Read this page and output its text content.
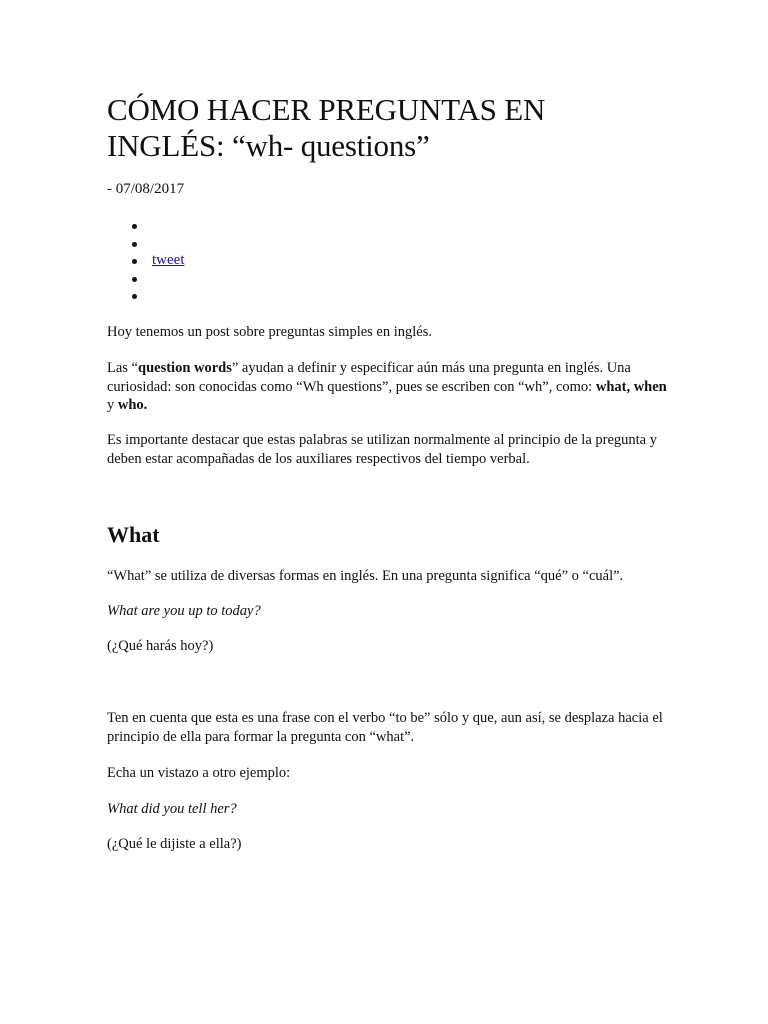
CÓMO HACER PREGUNTAS EN INGLÉS: “wh- questions”

- 07/08/2017

tweet

Hoy tenemos un post sobre preguntas simples en inglés.

Las “question words” ayudan a definir y especificar aún más una pregunta en inglés. Una curiosidad: son conocidas como “Wh questions”, pues se escriben con “wh”, como: what, when y who.

Es importante destacar que estas palabras se utilizan normalmente al principio de la pregunta y deben estar acompañadas de los auxiliares respectivos del tiempo verbal.

What

“What” se utiliza de diversas formas en inglés. En una pregunta significa “qué” o “cuál”.

What are you up to today?

(¿Qué harás hoy?)

Ten en cuenta que esta es una frase con el verbo “to be” sólo y que, aun así, se desplaza hacia el principio de ella para formar la pregunta con “what”.

Echa un vistazo a otro ejemplo:

What did you tell her?

(¿Qué le dijiste a ella?)
